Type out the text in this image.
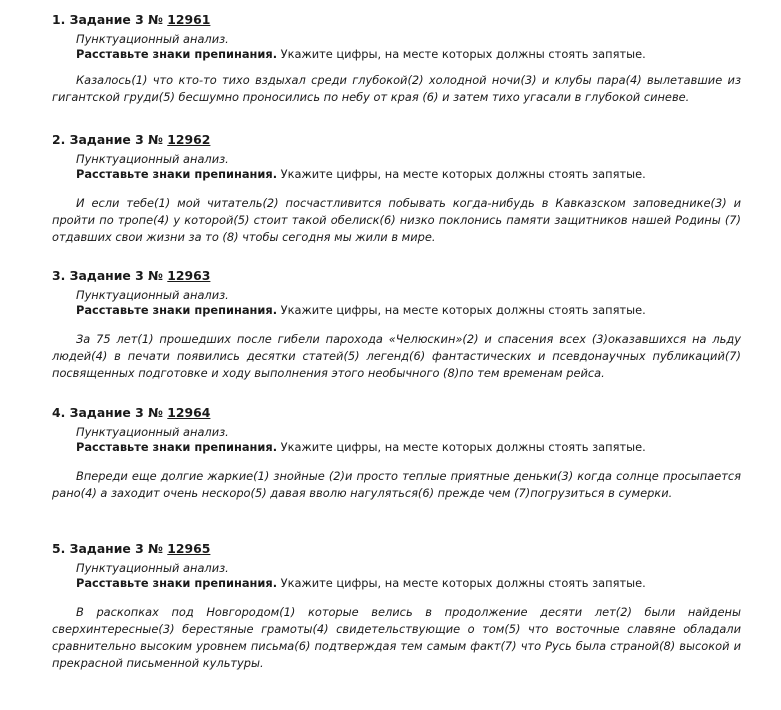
1. Задание 3 № 12961
Пунктуационный анализ.
Расставьте знаки препинания. Укажите цифры, на месте которых должны стоять запятые.
Казалось(1) что кто-то тихо вздыхал среди глубокой(2) холодной ночи(3) и клубы пара(4) вылетавшие из гигантской груди(5) бесшумно проносились по небу от края (6) и затем тихо угасали в глубокой синеве.
2. Задание 3 № 12962
Пунктуационный анализ.
Расставьте знаки препинания. Укажите цифры, на месте которых должны стоять запятые.
И если тебе(1) мой читатель(2) посчастливится побывать когда-нибудь в Кавказском заповеднике(3) и пройти по тропе(4) у которой(5) стоит такой обелиск(6) низко поклонись памяти защитников нашей Родины (7) отдавших свои жизни за то (8) чтобы сегодня мы жили в мире.
3. Задание 3 № 12963
Пунктуационный анализ.
Расставьте знаки препинания. Укажите цифры, на месте которых должны стоять запятые.
За 75 лет(1) прошедших после гибели парохода «Челюскин»(2) и спасения всех (3)оказавшихся на льду людей(4) в печати появились десятки статей(5) легенд(6) фантастических и псевдонаучных публикаций(7) посвященных подготовке и ходу выполнения этого необычного (8)по тем временам рейса.
4. Задание 3 № 12964
Пунктуационный анализ.
Расставьте знаки препинания. Укажите цифры, на месте которых должны стоять запятые.
Впереди еще долгие жаркие(1) знойные (2)и просто теплые приятные деньки(3) когда солнце просыпается рано(4) а заходит очень нескоро(5) давая вволю нагуляться(6) прежде чем (7)погрузиться в сумерки.
5. Задание 3 № 12965
Пунктуационный анализ.
Расставьте знаки препинания. Укажите цифры, на месте которых должны стоять запятые.
В раскопках под Новгородом(1) которые велись в продолжение десяти лет(2) были найдены сверхинтересные(3) берестяные грамоты(4) свидетельствующие о том(5) что восточные славяне обладали сравнительно высоким уровнем письма(6) подтверждая тем самым факт(7) что Русь была страной(8) высокой и прекрасной письменной культуры.
